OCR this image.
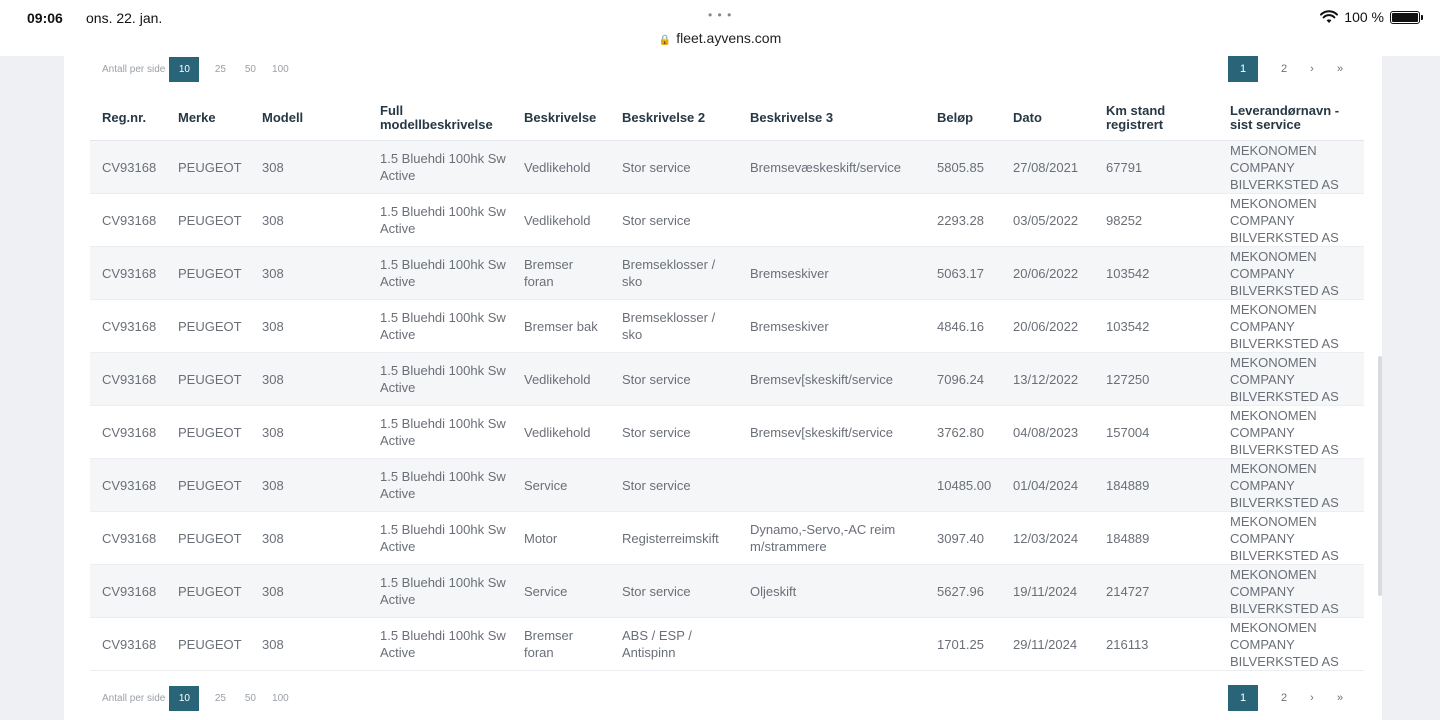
09:06 ons. 22. jan.	• • •
🔒 fleet.ayvens.com
100 %
Antall per side	10	25	50	100	1	2	›	»
Reg.nr.	Merke	Modell	Full modellbeskrivelse	Beskrivelse	Beskrivelse 2	Beskrivelse 3	Beløp	Dato	Km stand registrert	Leverandørnavn - sist service
CV93168	PEUGEOT	308	1.5 Bluehdi 100hk Sw Active	Vedlikehold	Stor service	Bremsevæskeskift/service	5805.85	27/08/2021	67791	MEKONOMEN COMPANY BILVERKSTED AS
CV93168	PEUGEOT	308	1.5 Bluehdi 100hk Sw Active	Vedlikehold	Stor service		2293.28	03/05/2022	98252	MEKONOMEN COMPANY BILVERKSTED AS
CV93168	PEUGEOT	308	1.5 Bluehdi 100hk Sw Active	Bremser foran	Bremseklosser / sko	Bremseskiver	5063.17	20/06/2022	103542	MEKONOMEN COMPANY BILVERKSTED AS
CV93168	PEUGEOT	308	1.5 Bluehdi 100hk Sw Active	Bremser bak	Bremseklosser / sko	Bremseskiver	4846.16	20/06/2022	103542	MEKONOMEN COMPANY BILVERKSTED AS
CV93168	PEUGEOT	308	1.5 Bluehdi 100hk Sw Active	Vedlikehold	Stor service	Bremsev[skeskift/service	7096.24	13/12/2022	127250	MEKONOMEN COMPANY BILVERKSTED AS
CV93168	PEUGEOT	308	1.5 Bluehdi 100hk Sw Active	Vedlikehold	Stor service	Bremsev[skeskift/service	3762.80	04/08/2023	157004	MEKONOMEN COMPANY BILVERKSTED AS
CV93168	PEUGEOT	308	1.5 Bluehdi 100hk Sw Active	Service	Stor service		10485.00	01/04/2024	184889	MEKONOMEN COMPANY BILVERKSTED AS
CV93168	PEUGEOT	308	1.5 Bluehdi 100hk Sw Active	Motor	Registerreimskift	Dynamo,-Servo,-AC reim m/strammere	3097.40	12/03/2024	184889	MEKONOMEN COMPANY BILVERKSTED AS
CV93168	PEUGEOT	308	1.5 Bluehdi 100hk Sw Active	Service	Stor service	Oljeskift	5627.96	19/11/2024	214727	MEKONOMEN COMPANY BILVERKSTED AS
CV93168	PEUGEOT	308	1.5 Bluehdi 100hk Sw Active	Bremser foran	ABS / ESP / Antispinn		1701.25	29/11/2024	216113	MEKONOMEN COMPANY BILVERKSTED AS
Antall per side	10	25	50	100	1	2	›	»
